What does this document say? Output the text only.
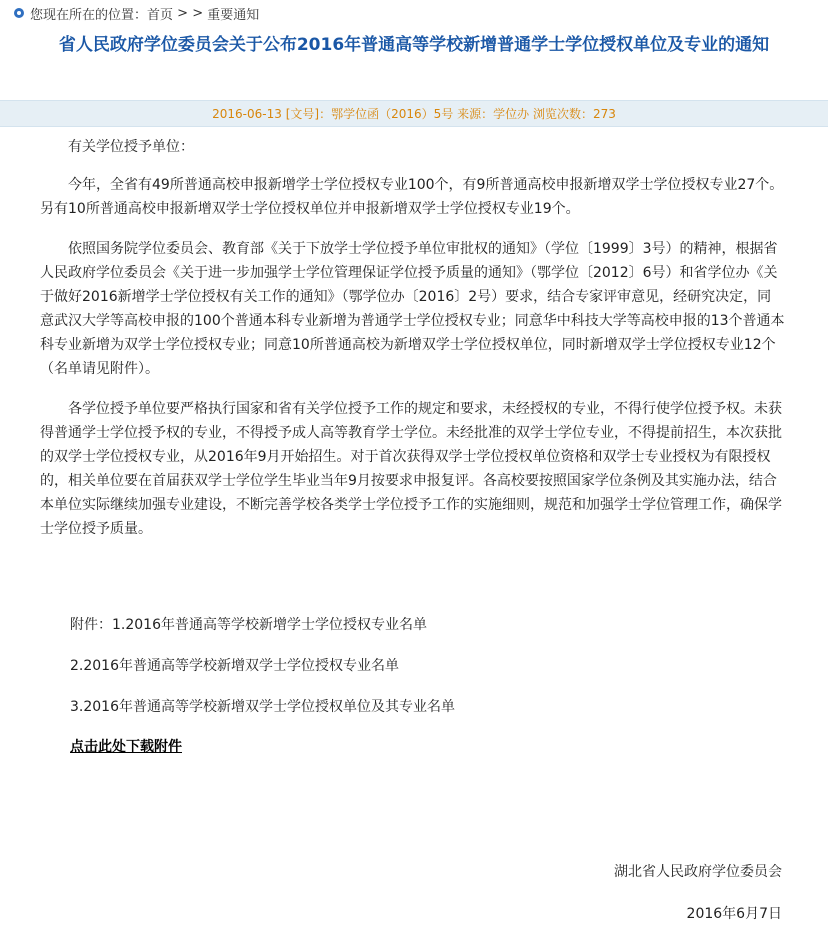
您现在所在的位置： 首页 > > 重要通知
省人民政府学位委员会关于公布2016年普通高等学校新增普通学士学位授权单位及专业的通知
2016-06-13
[文号]： 鄂学位函（2016）5号
来源： 学位办
浏览次数： 273

有关学位授予单位：

今年，全省有49所普通高校申报新增学士学位授权专业100个，有9所普通高校申报新增双学士学位授权专业27个。另有10所普通高校申报新增双学士学位授权单位并申报新增双学士学位授权专业19个。

依照国务院学位委员会、教育部《关于下放学士学位授予单位审批权的通知》（学位〔1999〕3号）的精神，根据省人民政府学位委员会《关于进一步加强学士学位管理保证学位授予质量的通知》（鄂学位〔2012〕6号）和省学位办《关于做好2016新增学士学位授权有关工作的通知》（鄂学位办〔2016〕2号）要求，结合专家评审意见，经研究决定，同意武汉大学等高校申报的100个普通本科专业新增为普通学士学位授权专业；同意华中科技大学等高校申报的13个普通本科专业新增为双学士学位授权专业；同意10所普通高校为新增双学士学位授权单位，同时新增双学士学位授权专业12个（名单请见附件）。

各学位授予单位要严格执行国家和省有关学位授予工作的规定和要求，未经授权的专业，不得行使学位授予权。未获得普通学士学位授予权的专业，不得授予成人高等教育学士学位。未经批准的双学士学位专业，不得提前招生，本次获批的双学士学位授权专业，从2016年9月开始招生。对于首次获得双学士学位授权单位资格和双学士专业授权为有限授权的，相关单位要在首届获双学士学位学生毕业当年9月按要求申报复评。各高校要按照国家学位条例及其实施办法，结合本单位实际继续加强专业建设，不断完善学校各类学士学位授予工作的实施细则，规范和加强学士学位管理工作，确保学士学位授予质量。

附件：1.2016年普通高等学校新增学士学位授权专业名单
2.2016年普通高等学校新增双学士学位授权专业名单
3.2016年普通高等学校新增双学士学位授权单位及其专业名单
点击此处下载附件
湖北省人民政府学位委员会
2016年6月7日
